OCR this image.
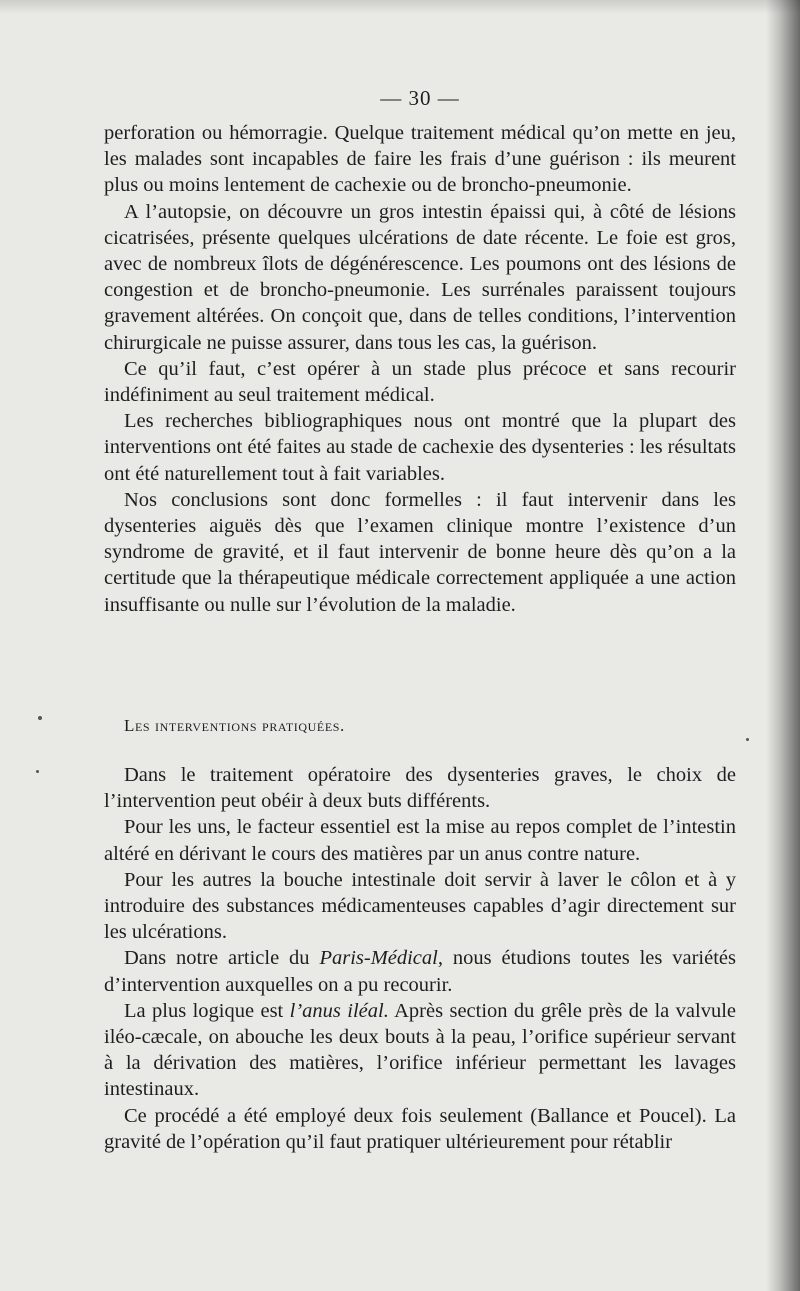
— 30 —

perforation ou hémorragie. Quelque traitement médical qu’on mette en jeu, les malades sont incapables de faire les frais d’une guérison : ils meurent plus ou moins lentement de cachexie ou de broncho-pneumonie.

A l’autopsie, on découvre un gros intestin épaissi qui, à côté de lésions cicatrisées, présente quelques ulcérations de date récente. Le foie est gros, avec de nombreux îlots de dégénérescence. Les poumons ont des lésions de congestion et de broncho-pneumonie. Les surrénales paraissent toujours gravement altérées. On conçoit que, dans de telles conditions, l’intervention chirurgicale ne puisse assurer, dans tous les cas, la guérison.

Ce qu’il faut, c’est opérer à un stade plus précoce et sans recourir indéfiniment au seul traitement médical.

Les recherches bibliographiques nous ont montré que la plupart des interventions ont été faites au stade de cachexie des dysenteries : les résultats ont été naturellement tout à fait variables.

Nos conclusions sont donc formelles : il faut intervenir dans les dysenteries aiguës dès que l’examen clinique montre l’existence d’un syndrome de gravité, et il faut intervenir de bonne heure dès qu’on a la certitude que la thérapeutique médicale correctement appliquée a une action insuffisante ou nulle sur l’évolution de la maladie.

Les interventions pratiquées.

Dans le traitement opératoire des dysenteries graves, le choix de l’intervention peut obéir à deux buts différents.

Pour les uns, le facteur essentiel est la mise au repos complet de l’intestin altéré en dérivant le cours des matières par un anus contre nature.

Pour les autres la bouche intestinale doit servir à laver le côlon et à y introduire des substances médicamenteuses capables d’agir directement sur les ulcérations.

Dans notre article du Paris-Médical, nous étudions toutes les variétés d’intervention auxquelles on a pu recourir.

La plus logique est l’anus iléal. Après section du grêle près de la valvule iléo-cæcale, on abouche les deux bouts à la peau, l’orifice supérieur servant à la dérivation des matières, l’orifice inférieur permettant les lavages intestinaux.

Ce procédé a été employé deux fois seulement (Ballance et Poucel). La gravité de l’opération qu’il faut pratiquer ultérieurement pour rétablir
